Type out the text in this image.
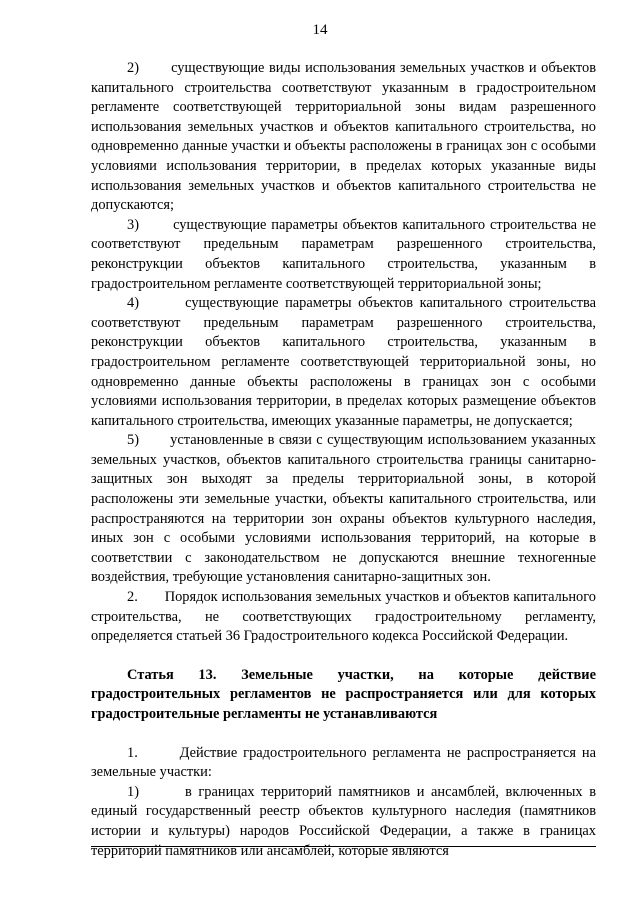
14

2)       существующие виды использования земельных участков и объектов капитального строительства соответствуют указанным в градостроительном регламенте соответствующей территориальной зоны видам разрешенного использования земельных участков и объектов капитального строительства, но одновременно данные участки и объекты расположены в границах зон с особыми условиями использования территории, в пределах которых указанные виды использования земельных участков и объектов капитального строительства не допускаются;

3)       существующие параметры объектов капитального строительства не соответствуют предельным параметрам разрешенного строительства, реконструкции объектов капитального строительства, указанным в градостроительном регламенте соответствующей территориальной зоны;

4)       существующие параметры объектов капитального строительства соответствуют предельным параметрам разрешенного строительства, реконструкции объектов капитального строительства, указанным в градостроительном регламенте соответствующей территориальной зоны, но одновременно данные объекты расположены в границах зон с особыми условиями использования территории, в пределах которых размещение объектов капитального строительства, имеющих указанные параметры, не допускается;

5)       установленные в связи с существующим использованием указанных земельных участков, объектов капитального строительства границы санитарно-защитных зон выходят за пределы территориальной зоны, в которой расположены эти земельные участки, объекты капитального строительства, или распространяются на территории зон охраны объектов культурного наследия, иных зон с особыми условиями использования территорий, на которые в соответствии с законодательством не допускаются внешние техногенные воздействия, требующие установления санитарно-защитных зон.

2.       Порядок использования земельных участков и объектов капитального строительства, не соответствующих градостроительному регламенту, определяется статьей 36 Градостроительного кодекса Российской Федерации.

Статья 13. Земельные участки, на которые действие градостроительных регламентов не распространяется или для которых градостроительные регламенты не устанавливаются

1.       Действие градостроительного регламента не распространяется на земельные участки:

1)       в границах территорий памятников и ансамблей, включенных в единый государственный реестр объектов культурного наследия (памятников истории и культуры) народов Российской Федерации, а также в границах территорий памятников или ансамблей, которые являются
